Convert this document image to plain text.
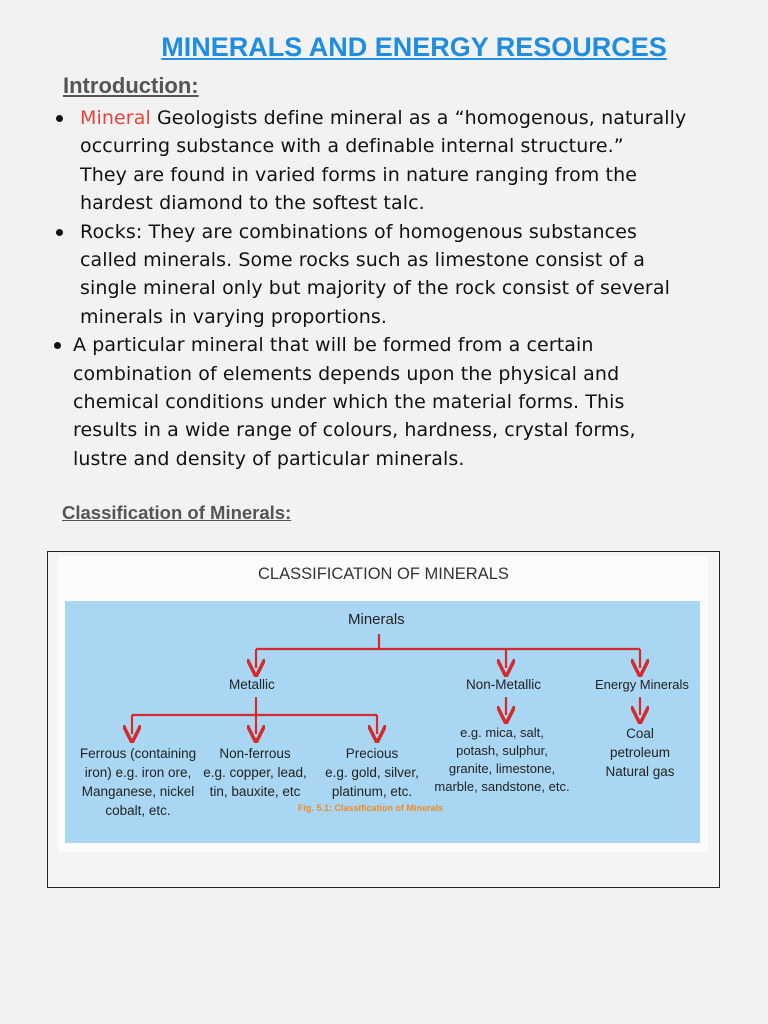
MINERALS AND ENERGY RESOURCES
Introduction:
Mineral Geologists define mineral as a “homogenous, naturally
occurring substance with a definable internal structure.”
They are found in varied forms in nature ranging from the
hardest diamond to the softest talc.
Rocks: They are combinations of homogenous substances
called minerals. Some rocks such as limestone consist of a
single mineral only but majority of the rock consist of several
minerals in varying proportions.
A particular mineral that will be formed from a certain
combination of elements depends upon the physical and
chemical conditions under which the material forms. This
results in a wide range of colours, hardness, crystal forms,
lustre and density of particular minerals.
Classification of Minerals:
CLASSIFICATION OF MINERALS
Minerals
Metallic	Non-Metallic	Energy Minerals
Ferrous (containing
iron) e.g. iron ore,
Manganese, nickel
cobalt, etc.
Non-ferrous
e.g. copper, lead,
tin, bauxite, etc
Precious
e.g. gold, silver,
platinum, etc.
e.g. mica, salt,
potash, sulphur,
granite, limestone,
marble, sandstone, etc.
Coal
petroleum
Natural gas
Fig. 5.1: Classification of Minerals
